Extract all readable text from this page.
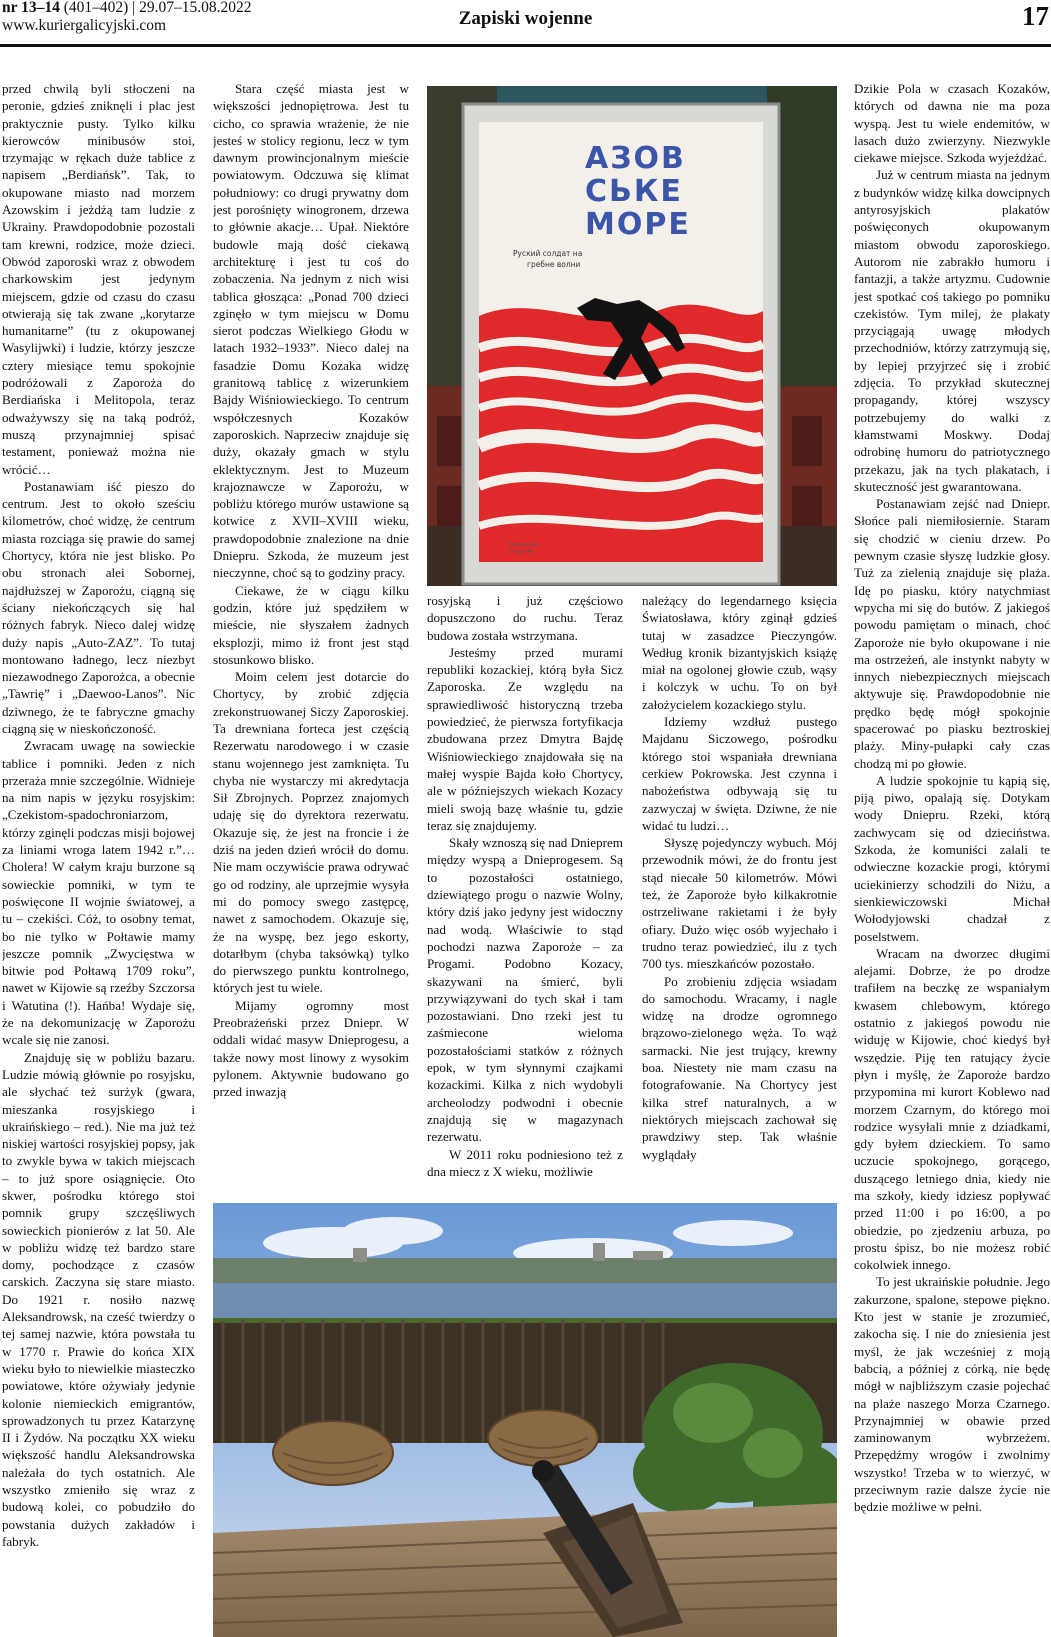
nr 13–14 (401–402) | 29.07–15.08.2022
www.kuriergalicyjski.com	Zapiski wojenne	17

przed chwilą byli stłoczeni na peronie, gdzieś zniknęli i plac jest praktycznie pusty. Tylko kilku kierowców minibusów stoi, trzymając w rękach duże tablice z napisem „Berdiańsk”. Tak, to okupowane miasto nad morzem Azowskim i jeżdżą tam ludzie z Ukrainy. Prawdopodobnie pozostali tam krewni, rodzice, może dzieci. Obwód zaporoski wraz z obwodem charkowskim jest jedynym miejscem, gdzie od czasu do czasu otwierają się tak zwane „korytarze humanitarne” (tu z okupowanej Wasylijwki) i ludzie, którzy jeszcze cztery miesiące temu spokojnie podróżowali z Zaporoża do Berdiańska i Melitopola, teraz odważywszy się na taką podróż, muszą przynajmniej spisać testament, ponieważ można nie wrócić…

Postanawiam iść pieszo do centrum. Jest to około sześciu kilometrów, choć widzę, że centrum miasta rozciąga się prawie do samej Chortycy, która nie jest blisko. Po obu stronach alei Sobornej, najdłuższej w Zaporożu, ciągną się ściany niekończących się hal różnych fabryk. Nieco dalej widzę duży napis „Auto-ZAZ”. To tutaj montowano ładnego, lecz niezbyt niezawodnego Zaporożca, a obecnie „Tawrię” i „Daewoo-Lanos”. Nic dziwnego, że te fabryczne gmachy ciągną się w nieskończoność.

Zwracam uwagę na sowieckie tablice i pomniki. Jeden z nich przeraża mnie szczególnie. Widnieje na nim napis w języku rosyjskim: „Czekistom-spadochroniarzom, którzy zginęli podczas misji bojowej za liniami wroga latem 1942 r.”… Cholera! W całym kraju burzone są sowieckie pomniki, w tym te poświęcone II wojnie światowej, a tu – czekiści. Cóż, to osobny temat, bo nie tylko w Połtawie mamy jeszcze pomnik „Zwycięstwa w bitwie pod Połtawą 1709 roku”, nawet w Kijowie są rzeźby Szczorsa i Watutina (!). Hańba! Wydaje się, że na dekomunizację w Zaporożu wcale się nie zanosi.

Znajduję się w pobliżu bazaru. Ludzie mówią głównie po rosyjsku, ale słychać też surżyk (gwara, mieszanka rosyjskiego i ukraińskiego – red.). Nie ma już też niskiej wartości rosyjskiej popsy, jak to zwykle bywa w takich miejscach – to już spore osiągnięcie. Oto skwer, pośrodku którego stoi pomnik grupy szczęśliwych sowieckich pionierów z lat 50. Ale w pobliżu widzę też bardzo stare domy, pochodzące z czasów carskich. Zaczyna się stare miasto. Do 1921 r. nosiło nazwę Aleksandrowsk, na cześć twierdzy o tej samej nazwie, która powstała tu w 1770 r. Prawie do końca XIX wieku było to niewielkie miasteczko powiatowe, które ożywiały jedynie kolonie niemieckich emigrantów, sprowadzonych tu przez Katarzynę II i Żydów. Na początku XX wieku większość handlu Aleksandrowska należała do tych ostatnich. Ale wszystko zmieniło się wraz z budową kolei, co pobudziło do powstania dużych zakładów i fabryk.

Stara część miasta jest w większości jednopiętrowa. Jest tu cicho, co sprawia wrażenie, że nie jesteś w stolicy regionu, lecz w tym dawnym prowincjonalnym mieście powiatowym. Odczuwa się klimat południowy: co drugi prywatny dom jest porośnięty winogronem, drzewa to głównie akacje… Upał. Niektóre budowle mają dość ciekawą architekturę i jest tu coś do zobaczenia. Na jednym z nich wisi tablica głosząca: „Ponad 700 dzieci zginęło w tym miejscu w Domu sierot podczas Wielkiego Głodu w latach 1932–1933”. Nieco dalej na fasadzie Domu Kozaka widzę granitową tablicę z wizerunkiem Bajdy Wiśniowieckiego. To centrum współczesnych Kozaków zaporoskich. Naprzeciw znajduje się duży, okazały gmach w stylu eklektycznym. Jest to Muzeum krajoznawcze w Zaporożu, w pobliżu którego murów ustawione są kotwice z XVII–XVIII wieku, prawdopodobnie znalezione na dnie Dniepru. Szkoda, że muzeum jest nieczynne, choć są to godziny pracy.

Ciekawe, że w ciągu kilku godzin, które już spędziłem w mieście, nie słyszałem żadnych eksplozji, mimo iż front jest stąd stosunkowo blisko.

Moim celem jest dotarcie do Chortycy, by zrobić zdjęcia zrekonstruowanej Siczy Zaporoskiej. Ta drewniana forteca jest częścią Rezerwatu narodowego i w czasie stanu wojennego jest zamknięta. Tu chyba nie wystarczy mi akredytacja Sił Zbrojnych. Poprzez znajomych udaję się do dyrektora rezerwatu. Okazuje się, że jest na froncie i że dziś na jeden dzień wrócił do domu. Nie mam oczywiście prawa odrywać go od rodziny, ale uprzejmie wysyła mi do pomocy swego zastępcę, nawet z samochodem. Okazuje się, że na wyspę, bez jego eskorty, dotarłbym (chyba taksówką) tylko do pierwszego punktu kontrolnego, których jest tu wiele.

Mijamy ogromny most Preobrażeński przez Dniepr. W oddali widać masyw Dnieprogesu, a także nowy most linowy z wysokim pylonem. Aktywnie budowano go przed inwazją

rosyjską i już częściowo dopuszczono do ruchu. Teraz budowa została wstrzymana.

Jesteśmy przed murami republiki kozackiej, którą była Sicz Zaporoska. Ze względu na sprawiedliwość historyczną trzeba powiedzieć, że pierwsza fortyfikacja zbudowana przez Dmytra Bajdę Wiśniowieckiego znajdowała się na małej wyspie Bajda koło Chortycy, ale w późniejszych wiekach Kozacy mieli swoją bazę właśnie tu, gdzie teraz się znajdujemy.

Skały wznoszą się nad Dnieprem między wyspą a Dnieprogesem. Są to pozostałości ostatniego, dziewiątego progu o nazwie Wolny, który dziś jako jedyny jest widoczny nad wodą. Właściwie to stąd pochodzi nazwa Zaporoże – za Progami. Podobno Kozacy, skazywani na śmierć, byli przywiązywani do tych skał i tam pozostawiani. Dno rzeki jest tu zaśmiecone wieloma pozostałościami statków z różnych epok, w tym słynnymi czajkami kozackimi. Kilka z nich wydobyli archeolodzy podwodni i obecnie znajdują się w magazynach rezerwatu.

W 2011 roku podniesiono też z dna miecz z X wieku, możliwie

należący do legendarnego księcia Światosława, który zginął gdzieś tutaj w zasadzce Pieczyngów. Według kronik bizantyjskich książę miał na ogolonej głowie czub, wąsy i kolczyk w uchu. To on był założycielem kozackiego stylu.

Idziemy wzdłuż pustego Majdanu Siczowego, pośrodku którego stoi wspaniała drewniana cerkiew Pokrowska. Jest czynna i nabożeństwa odbywają się tu zazwyczaj w święta. Dziwne, że nie widać tu ludzi…

Słyszę pojedynczy wybuch. Mój przewodnik mówi, że do frontu jest stąd niecałe 50 kilometrów. Mówi też, że Zaporoże było kilkakrotnie ostrzeliwane rakietami i że były ofiary. Dużo więc osób wyjechało i trudno teraz powiedzieć, ilu z tych 700 tys. mieszkańców pozostało.

Po zrobieniu zdjęcia wsiadam do samochodu. Wracamy, i nagle widzę na drodze ogromnego brązowo-zielonego węża. To wąż sarmacki. Nie jest trujący, krewny boa. Niestety nie mam czasu na fotografowanie. Na Chortycy jest kilka stref naturalnych, a w niektórych miejscach zachował się prawdziwy step. Tak właśnie wyglądały

Dzikie Pola w czasach Kozaków, których od dawna nie ma poza wyspą. Jest tu wiele endemitów, w lasach dużo zwierzyny. Niezwykle ciekawe miejsce. Szkoda wyjeżdżać.

Już w centrum miasta na jednym z budynków widzę kilka dowcipnych antyrosyjskich plakatów poświęconych okupowanym miastom obwodu zaporoskiego. Autorom nie zabrakło humoru i fantazji, a także artyzmu. Cudownie jest spotkać coś takiego po pomniku czekistów. Tym milej, że plakaty przyciągają uwagę młodych przechodniów, którzy zatrzymują się, by lepiej przyjrzeć się i zrobić zdjęcia. To przykład skutecznej propagandy, której wszyscy potrzebujemy do walki z kłamstwami Moskwy. Dodaj odrobinę humoru do patriotycznego przekazu, jak na tych plakatach, i skuteczność jest gwarantowana.

Postanawiam zejść nad Dniepr. Słońce pali niemiłosiernie. Staram się chodzić w cieniu drzew. Po pewnym czasie słyszę ludzkie głosy. Tuż za zielenią znajduje się plaża. Idę po piasku, który natychmiast wpycha mi się do butów. Z jakiegoś powodu pamiętam o minach, choć Zaporoże nie było okupowane i nie ma ostrzeżeń, ale instynkt nabyty w innych niebezpiecznych miejscach aktywuje się. Prawdopodobnie nie prędko będę mógł spokojnie spacerować po piasku beztroskiej plaży. Miny-pułapki cały czas chodzą mi po głowie.

A ludzie spokojnie tu kąpią się, piją piwo, opalają się. Dotykam wody Dniepru. Rzeki, którą zachwycam się od dzieciństwa. Szkoda, że komuniści zalali te odwieczne kozackie progi, którymi uciekinierzy schodzili do Niżu, a sienkiewiczowski Michał Wołodyjowski chadzał z poselstwem.

Wracam na dworzec długimi alejami. Dobrze, że po drodze trafiłem na beczkę ze wspaniałym kwasem chlebowym, którego ostatnio z jakiegoś powodu nie widuję w Kijowie, choć kiedyś był wszędzie. Piję ten ratujący życie płyn i myślę, że Zaporoże bardzo przypomina mi kurort Koblewo nad morzem Czarnym, do którego moi rodzice wysyłali mnie z dziadkami, gdy byłem dzieckiem. To samo uczucie spokojnego, gorącego, duszącego letniego dnia, kiedy nie ma szkoły, kiedy idziesz popływać przed 11:00 i po 16:00, a po obiedzie, po zjedzeniu arbuza, po prostu śpisz, bo nie możesz robić cokolwiek innego.

To jest ukraińskie południe. Jego zakurzone, spalone, stepowe piękno. Kto jest w stanie je zrozumieć, zakocha się. I nie do zniesienia jest myśl, że jak wcześniej z moją babcią, a później z córką, nie będę mógł w najbliższym czasie pojechać na plaże naszego Morza Czarnego. Przynajmniej w obawie przed zaminowanym wybrzeżem. Przepędźmy wrogów i zwolnimy wszystko! Trzeba w to wierzyć, w przeciwnym razie dalsze życie nie będzie możliwe w pełni.

АЗОВ
СЬКЕ
МОРЕ
Руский солдат на
гребне волни
Украинська
Студія М...
